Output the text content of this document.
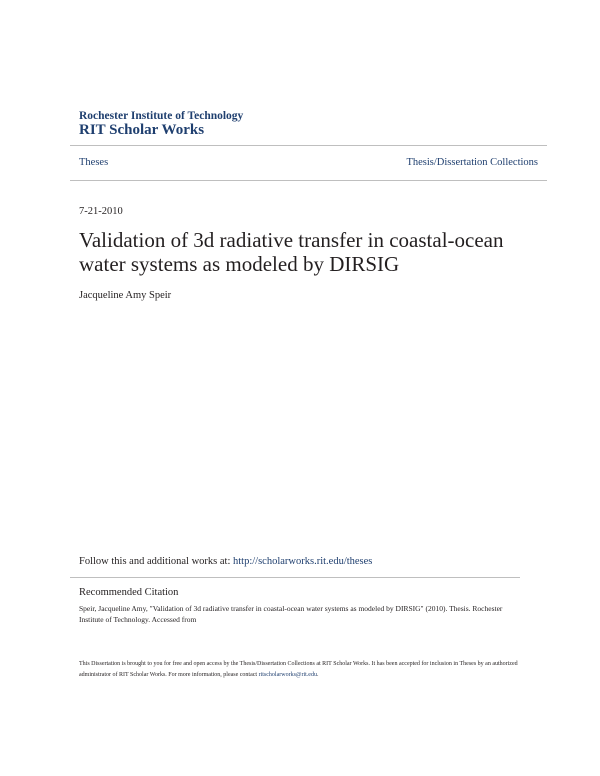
Rochester Institute of Technology
RIT Scholar Works
Theses	Thesis/Dissertation Collections
7-21-2010
Validation of 3d radiative transfer in coastal-ocean water systems as modeled by DIRSIG
Jacqueline Amy Speir
Follow this and additional works at: http://scholarworks.rit.edu/theses
Recommended Citation
Speir, Jacqueline Amy, "Validation of 3d radiative transfer in coastal-ocean water systems as modeled by DIRSIG" (2010). Thesis. Rochester Institute of Technology. Accessed from
This Dissertation is brought to you for free and open access by the Thesis/Dissertation Collections at RIT Scholar Works. It has been accepted for inclusion in Theses by an authorized administrator of RIT Scholar Works. For more information, please contact ritscholarworks@rit.edu.
